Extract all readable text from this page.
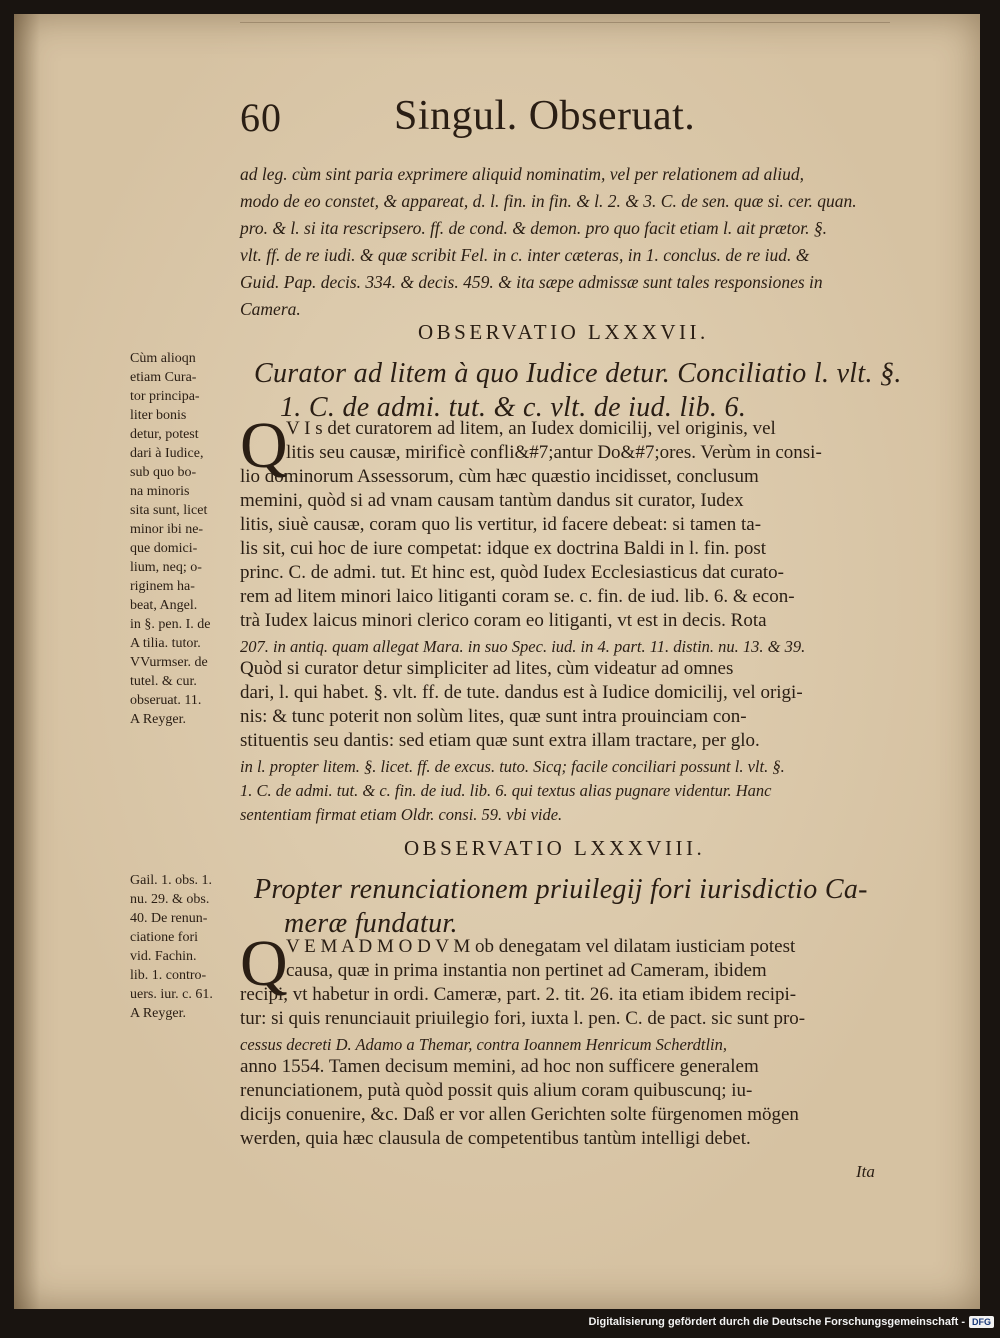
60	Singul. Obseruat.

ad leg. cùm sint paria exprimere aliquid nominatim, vel per relationem ad aliud,

modo de eo constet, & appareat, d. l. fin. in fin. & l. 2. & 3. C. de sen. quæ si. cer. quan.

pro. & l. si ita rescripsero. ff. de cond. & demon. pro quo facit etiam l. ait prætor. §.

vlt. ff. de re iudi. & quæ scribit Fel. in c. inter cæteras, in 1. conclus. de re iud. &

Guid. Pap. decis. 334. & decis. 459. & ita sæpe admissæ sunt tales responsiones in

Camera.

OBSERVATIO LXXXVII.

Curator ad litem à quo Iudice detur. Conciliatio l. vlt. §.

1. C. de admi. tut. & c. vlt. de iud. lib. 6.

Cùm alioqn

etiam Cura-

tor principa-

liter bonis

detur, potest

dari à Iudice,

sub quo bo-

na minoris

sita sunt, licet

minor ibi ne-

que domici-

lium, neq; o-

riginem ha-

beat, Angel.

in §. pen. I. de

A tilia. tutor.

VVurmser. de

tutel. & cur.

obseruat. 11.

A Reyger.

Q

V I s det curatorem ad litem, an Iudex domicilij, vel originis, vel

litis seu causæ, mirificè confli&#7;antur Do&#7;ores. Verùm in consi-

lio dominorum Assessorum, cùm hæc quæstio incidisset, conclusum

memini, quòd si ad vnam causam tantùm dandus sit curator, Iudex

litis, siuè causæ, coram quo lis vertitur, id facere debeat: si tamen ta-

lis sit, cui hoc de iure competat: idque ex doctrina Baldi in l. fin. post

princ. C. de admi. tut. Et hinc est, quòd Iudex Ecclesiasticus dat curato-

rem ad litem minori laico litiganti coram se. c. fin. de iud. lib. 6. & econ-

trà Iudex laicus minori clerico coram eo litiganti, vt est in decis. Rota

207. in antiq. quam allegat Mara. in suo Spec. iud. in 4. part. 11. distin. nu. 13. & 39.

Quòd si curator detur simpliciter ad lites, cùm videatur ad omnes

dari, l. qui habet. §. vlt. ff. de tute. dandus est à Iudice domicilij, vel origi-

nis: & tunc poterit non solùm lites, quæ sunt intra prouinciam con-

stituentis seu dantis: sed etiam quæ sunt extra illam tractare, per glo.

in l. propter litem. §. licet. ff. de excus. tuto. Sicq; facile conciliari possunt l. vlt. §.

1. C. de admi. tut. & c. fin. de iud. lib. 6. qui textus alias pugnare videntur. Hanc

sententiam firmat etiam Oldr. consi. 59. vbi vide.

OBSERVATIO LXXXVIII.

Propter renunciationem priuilegij fori iurisdictio Ca-

meræ fundatur.

Gail. 1. obs. 1.

nu. 29. & obs.

40. De renun-

ciatione fori

vid. Fachin.

lib. 1. contro-

uers. iur. c. 61.

A Reyger.

Q

V E M A D M O D V M ob denegatam vel dilatam iusticiam potest

causa, quæ in prima instantia non pertinet ad Cameram, ibidem

recipi, vt habetur in ordi. Cameræ, part. 2. tit. 26. ita etiam ibidem recipi-

tur: si quis renunciauit priuilegio fori, iuxta l. pen. C. de pact. sic sunt pro-

cessus decreti D. Adamo a Themar, contra Ioannem Henricum Scherdtlin,

anno 1554. Tamen decisum memini, ad hoc non sufficere generalem

renunciationem, putà quòd possit quis alium coram quibuscunq; iu-

dicijs conuenire, &c. Daß er vor allen Gerichten solte fürgenomen mögen

werden, quia hæc clausula de competentibus tantùm intelligi debet.

Ita
Digitalisierung gefördert durch die Deutsche Forschungsgemeinschaft - DFG
